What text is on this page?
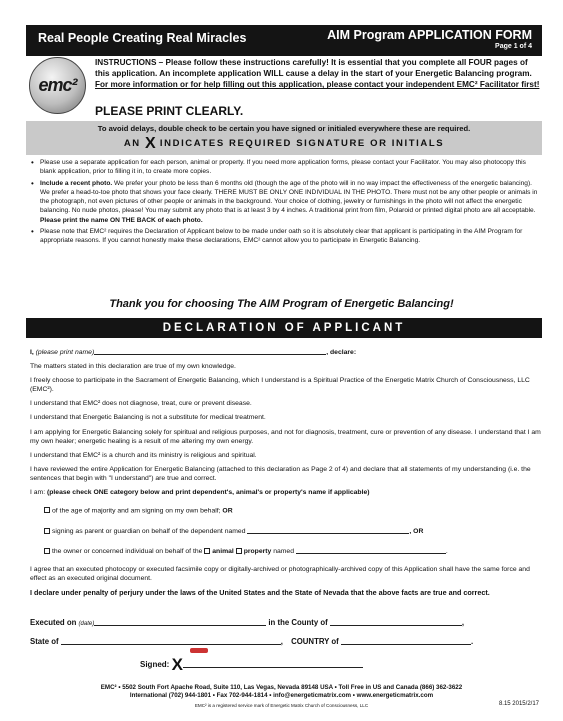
Real People Creating Real Miracles	AIM Program APPLICATION FORM
Page 1 of 4
emc²
INSTRUCTIONS – Please follow these instructions carefully! It is essential that you complete all FOUR pages of this application. An incomplete application WILL cause a delay in the start of your Energetic Balancing program. For more information or for help filling out this application, please contact your independent EMC² Facilitator first!
PLEASE PRINT CLEARLY.
To avoid delays, double check to be certain you have signed or initialed everywhere these are required.
AN X INDICATES REQUIRED SIGNATURE OR INITIALS
• Please use a separate application for each person, animal or property. If you need more application forms, please contact your Facilitator. You may also photocopy this blank application, prior to filling it in, to create more copies.
• Include a recent photo. We prefer your photo be less than 6 months old (though the age of the photo will in no way impact the effectiveness of the energetic balancing). We prefer a head-to-toe photo that shows your face clearly. THERE MUST BE ONLY ONE INDIVIDUAL IN THE PHOTO. There must not be any other people or animals in the photograph, not even pictures of other people or animals in the background. Your choice of clothing, jewelry or furnishings in the photo will not affect the energetic balancing. No nude photos, please! You may submit any photo that is at least 3 by 4 inches. A traditional print from film, Polaroid or printed digital photo are all acceptable. Please print the name ON THE BACK of each photo.
• Please note that EMC² requires the Declaration of Applicant below to be made under oath so it is absolutely clear that applicant is participating in the AIM Program for appropriate reasons. If you cannot honestly make these declarations, EMC² cannot allow you to participate in Energetic Balancing.
Thank you for choosing The AIM Program of Energetic Balancing!
DECLARATION OF APPLICANT
I, (please print name)	, declare:
The matters stated in this declaration are true of my own knowledge.
I freely choose to participate in the Sacrament of Energetic Balancing, which I understand is a Spiritual Practice of the Energetic Matrix Church of Consciousness, LLC (EMC²).
I understand that EMC² does not diagnose, treat, cure or prevent disease.
I understand that Energetic Balancing is not a substitute for medical treatment.
I am applying for Energetic Balancing solely for spiritual and religious purposes, and not for diagnosis, treatment, cure or prevention of any disease. I understand that I am my own healer; energetic healing is a result of me altering my own energy.
I understand that EMC² is a church and its ministry is religious and spiritual.
I have reviewed the entire Application for Energetic Balancing (attached to this declaration as Page 2 of 4) and declare that all statements of my understanding (i.e. the sentences that begin with "I understand") are true and correct.
I am: (please check ONE category below and print dependent's, animal's or property's name if applicable)
of the age of majority and am signing on my own behalf; OR
signing as parent or guardian on behalf of the dependent named	, OR
the owner or concerned individual on behalf of the animal property named	.
I agree that an executed photocopy or executed facsimile copy or digitally-archived or photographically-archived copy of this Application shall have the same force and effect as an executed original document.
I declare under penalty of perjury under the laws of the United States and the State of Nevada that the above facts are true and correct.
Executed on (date)	in the County of	,
State of	, COUNTRY of	.
Signed: X
EMC² • 5502 South Fort Apache Road, Suite 110, Las Vegas, Nevada 89148 USA • Toll Free in US and Canada (866) 362-3622
International (702) 944-1801 • Fax 702-944-1814 • info@energeticmatrix.com • www.energeticmatrix.com
EMC² is a registered service mark of Energetic Matrix Church of Consciousness, LLC	8.15 2015/2/17
